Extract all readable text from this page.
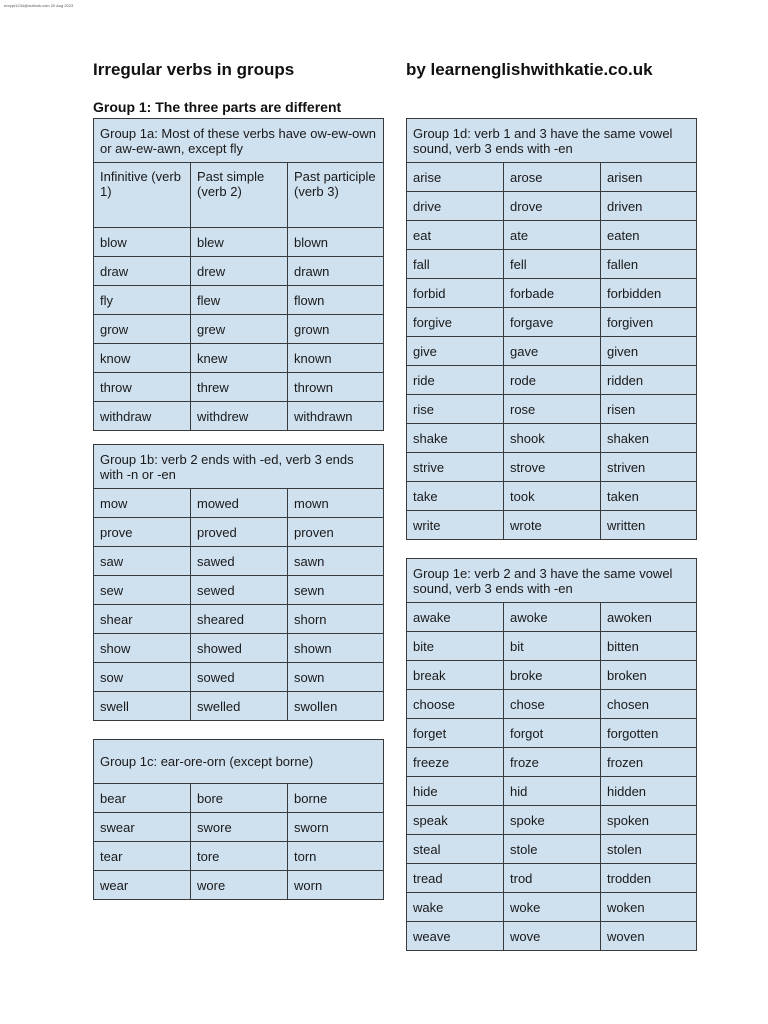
enrypt1234@outlook.com 20 Aug 2023
Irregular verbs in groups	by learnenglishwithkatie.co.uk
Group 1: The three parts are different
Group 1a: Most of these verbs have ow-ew-own or aw-ew-awn, except fly		
Infinitive (verb 1)	Past simple (verb 2)	Past participle (verb 3)
blow	blew	blown
draw	drew	drawn
fly	flew	flown
grow	grew	grown
know	knew	known
throw	threw	thrown
withdraw	withdrew	withdrawn
Group 1b: verb 2 ends with -ed, verb 3 ends with -n or -en		
mow	mowed	mown
prove	proved	proven
saw	sawed	sawn
sew	sewed	sewn
shear	sheared	shorn
show	showed	shown
sow	sowed	sown
swell	swelled	swollen
Group 1c: ear-ore-orn (except borne)		
bear	bore	borne
swear	swore	sworn
tear	tore	torn
wear	wore	worn
Group 1d: verb 1 and 3 have the same vowel sound, verb 3 ends with -en		
arise	arose	arisen
drive	drove	driven
eat	ate	eaten
fall	fell	fallen
forbid	forbade	forbidden
forgive	forgave	forgiven
give	gave	given
ride	rode	ridden
rise	rose	risen
shake	shook	shaken
strive	strove	striven
take	took	taken
write	wrote	written
Group 1e: verb 2 and 3 have the same vowel sound, verb 3 ends with -en		
awake	awoke	awoken
bite	bit	bitten
break	broke	broken
choose	chose	chosen
forget	forgot	forgotten
freeze	froze	frozen
hide	hid	hidden
speak	spoke	spoken
steal	stole	stolen
tread	trod	trodden
wake	woke	woken
weave	wove	woven
